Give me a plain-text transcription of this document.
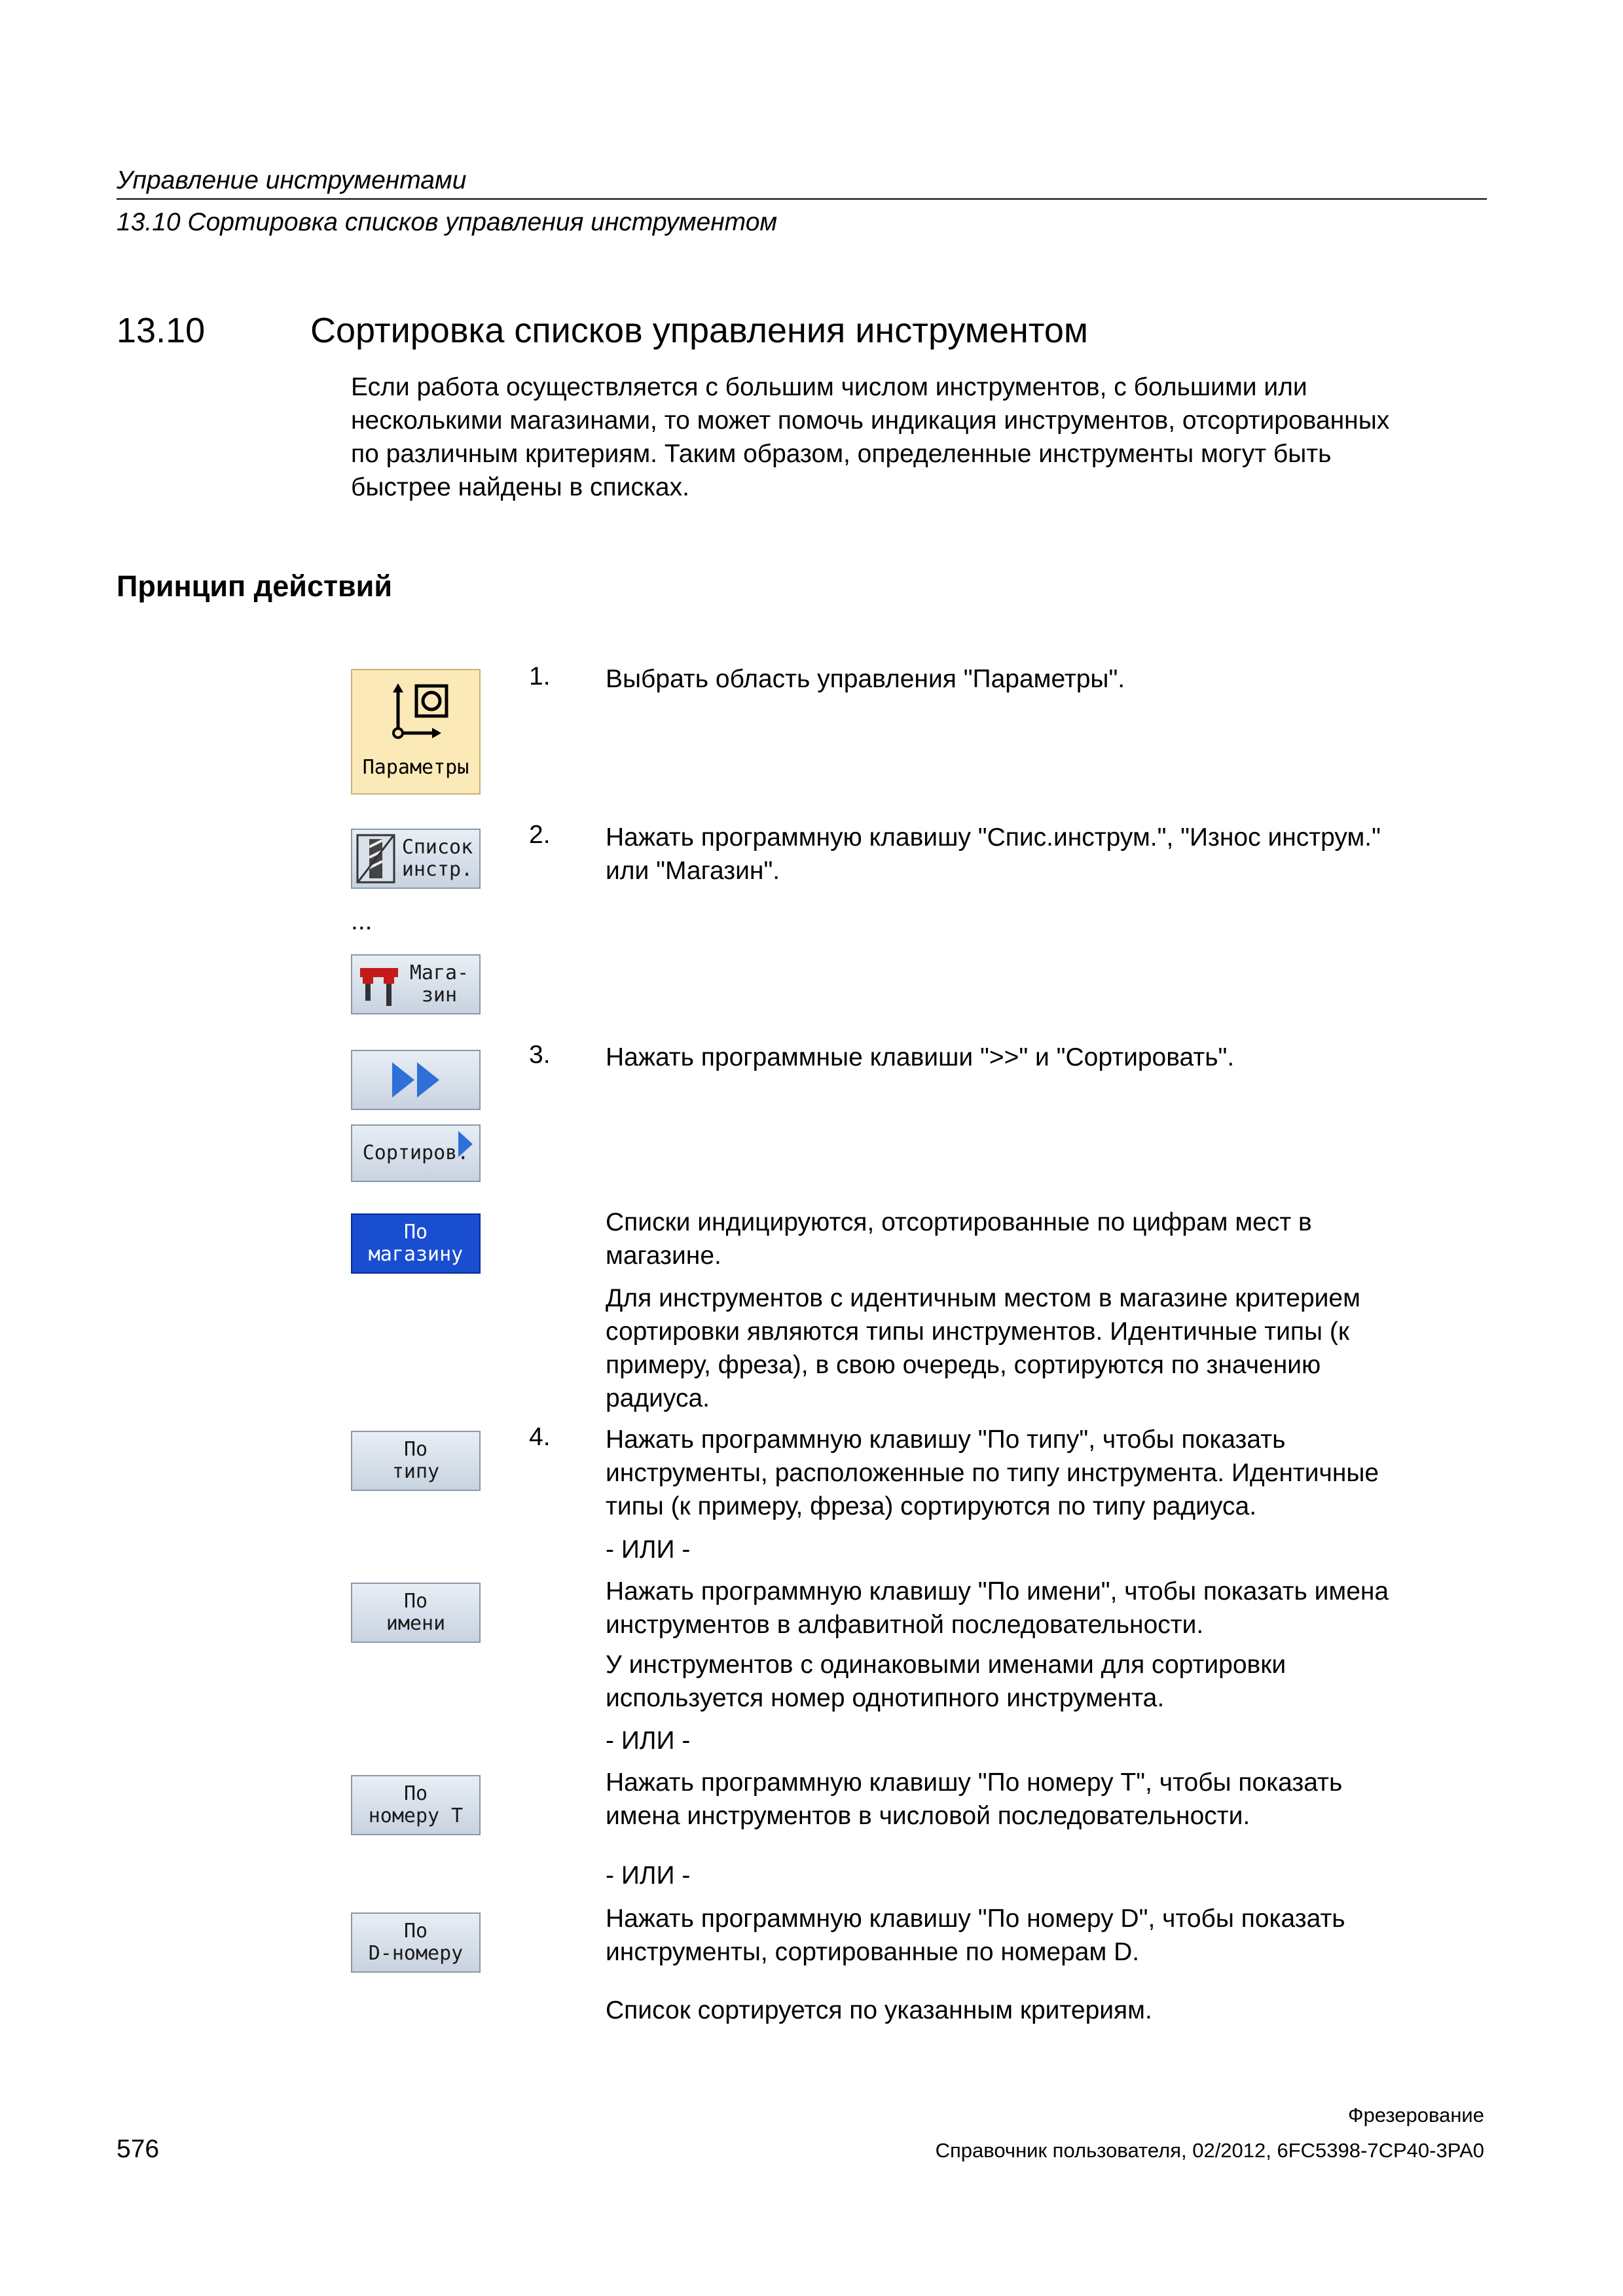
Управление инструментами
13.10 Сортировка списков управления инструментом
13.10	Сортировка списков управления инструментом
Если работа осуществляется с большим числом инструментов, с большими или
несколькими магазинами, то может помочь индикация инструментов, отсортированных
по различным критериям. Таким образом, определенные инструменты могут быть
быстрее найдены в списках.
Принцип действий
Параметры
Список
инстр.
...
Мага-
зин
Сортиров.
По
магазину
По
типу
По
имени
По
номеру T
По
D-номеру
1. Выбрать область управления "Параметры".
2. Нажать программную клавишу "Спис.инструм.", "Износ инструм."
или "Магазин".
3. Нажать программные клавиши ">>" и "Сортировать".
Списки индицируются, отсортированные по цифрам мест в
магазине.
Для инструментов с идентичным местом в магазине критерием
сортировки являются типы инструментов. Идентичные типы (к
примеру, фреза), в свою очередь, сортируются по значению
радиуса.
4. Нажать программную клавишу "По типу", чтобы показать
инструменты, расположенные по типу инструмента. Идентичные
типы (к примеру, фреза) сортируются по типу радиуса.
- ИЛИ -
Нажать программную клавишу "По имени", чтобы показать имена
инструментов в алфавитной последовательности.
У инструментов с одинаковыми именами для сортировки
используется номер однотипного инструмента.
- ИЛИ -
Нажать программную клавишу "По номеру T", чтобы показать
имена инструментов в числовой последовательности.
- ИЛИ -
Нажать программную клавишу "По номеру D", чтобы показать
инструменты, сортированные по номерам D.
Список сортируется по указанным критериям.
576
Фрезерование
Справочник пользователя, 02/2012, 6FC5398-7CP40-3PA0
